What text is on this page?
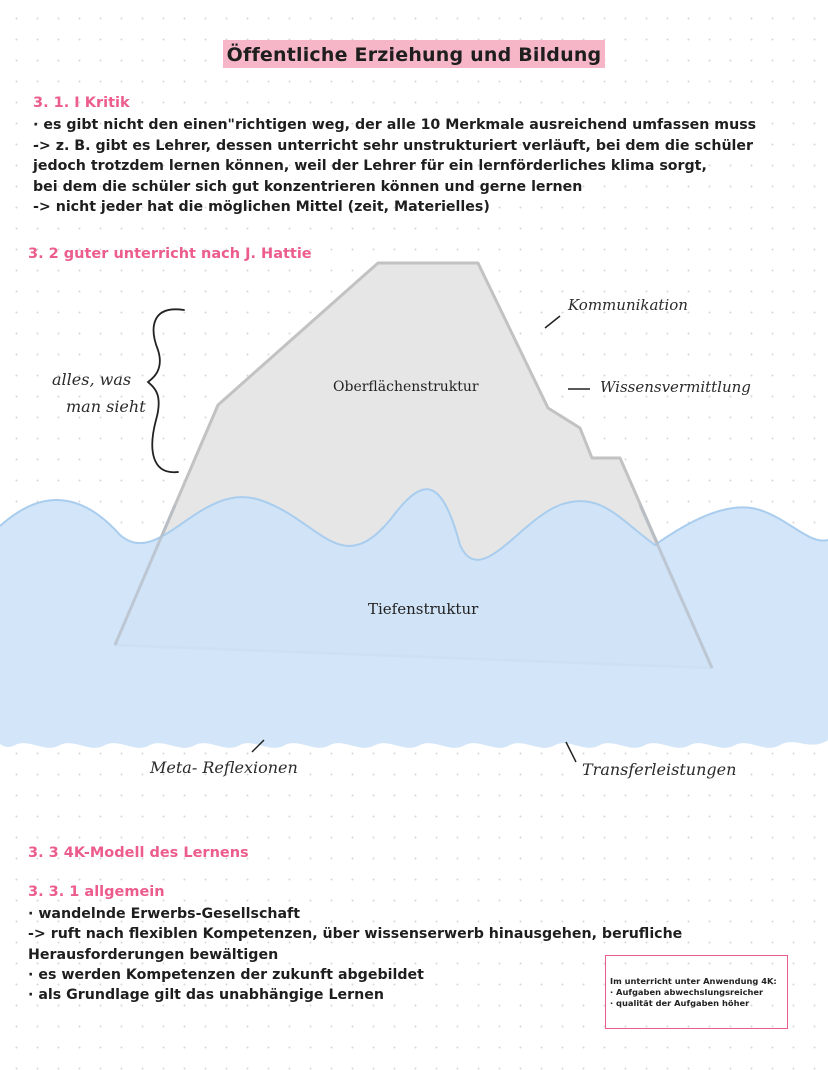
Öffentliche Erziehung und Bildung
3. 1. I Kritik
· es gibt nicht den einen"richtigen weg, der alle 10 Merkmale ausreichend umfassen muss
-> z. B. gibt es Lehrer, dessen unterricht sehr unstrukturiert verläuft, bei dem die schüler
jedoch trotzdem lernen können, weil der Lehrer für ein lernförderliches klima sorgt,
bei dem die schüler sich gut konzentrieren können und gerne lernen
-> nicht jeder hat die möglichen Mittel (zeit, Materielles)
3. 2 guter unterricht nach J. Hattie
alles, was
man sieht
Oberflächenstruktur
Tiefenstruktur
Kommunikation
Wissensvermittlung
Meta- Reflexionen	Transferleistungen
3. 3 4K-Modell des Lernens
3. 3. 1 allgemein
· wandelnde Erwerbs-Gesellschaft
-> ruft nach flexiblen Kompetenzen, über wissenserwerb hinausgehen, berufliche
Herausforderungen bewältigen
· es werden Kompetenzen der zukunft abgebildet
· als Grundlage gilt das unabhängige Lernen
Im unterricht unter Anwendung 4K:
· Aufgaben abwechslungsreicher
· qualität der Aufgaben höher
